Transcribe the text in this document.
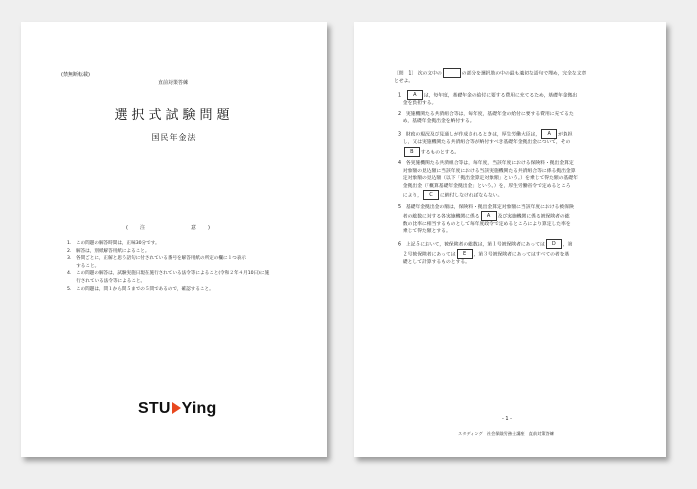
(禁無断転載)
直前対策答練
選択式試験問題
国民年金法
(注　　意)
1.　この問題の解答時間は，正味30分です。
2.　解答は，別紙解答用紙によること。
3.　各問ごとに，正解と思う語句に付されている番号を解答用紙の所定の欄に１つ表示
　　すること。
4.　この問題の解答は，試験実施日現在施行されている法令等によること(令和２年４月10日)に施
　　行されている法令等によること。
5.　この問題は，問１から問５までの５問であるので，確認すること。
STU Ying
〔問　1〕 次の文中の	の部分を選択肢の中の最も適切な語句で埋め，完全な文章
とせよ。
1　A は，毎年度，基礎年金の給付に要する費用に充てるため，基礎年金拠出
　金を負担する。
2　実施機関たる共済組合等は，毎年度，基礎年金の給付に要する費用に充てるた
　め，基礎年金拠出金を納付する。
3　財政の現況及び見通しが作成されるときは，厚生労働大臣は， A が負担
　し，又は実施機関たる共済組合等が納付すべき基礎年金拠出金について，その
　B するものとする。
4　各実施機関たる共済組合等は，毎年度，当該年度における保険料・拠出金算定
　対象額の見込額に当該年度における当該実施機関たる共済組合等に係る拠出金算
　定対象額の見込額（以下「拠出金算定対象額」という。）を乗じて得た額の基礎年
　金拠出金（「概算基礎年金拠出金」という。）を，厚生労働省令で定めるところ
　により， C に納付しなければならない。
5　基礎年金拠出金の額は，保険料・拠出金算定対象額に当該年度における被保険
　者の総数に対する各実施機関に係る A 及び実施機関に係る被保険者の総
　数の比率に相当するものとして毎年度政令で定めるところにより算定した率を
　乗じて得た額とする。
6　上記５において，被保険者の総数は，第１号被保険者にあっては D ，第
　２号被保険者にあっては E ，第３号被保険者にあってはすべての者を基
　礎として計算するものとする。
- 1 -
スタディング　社会保険労務士講座　直前対策答練
